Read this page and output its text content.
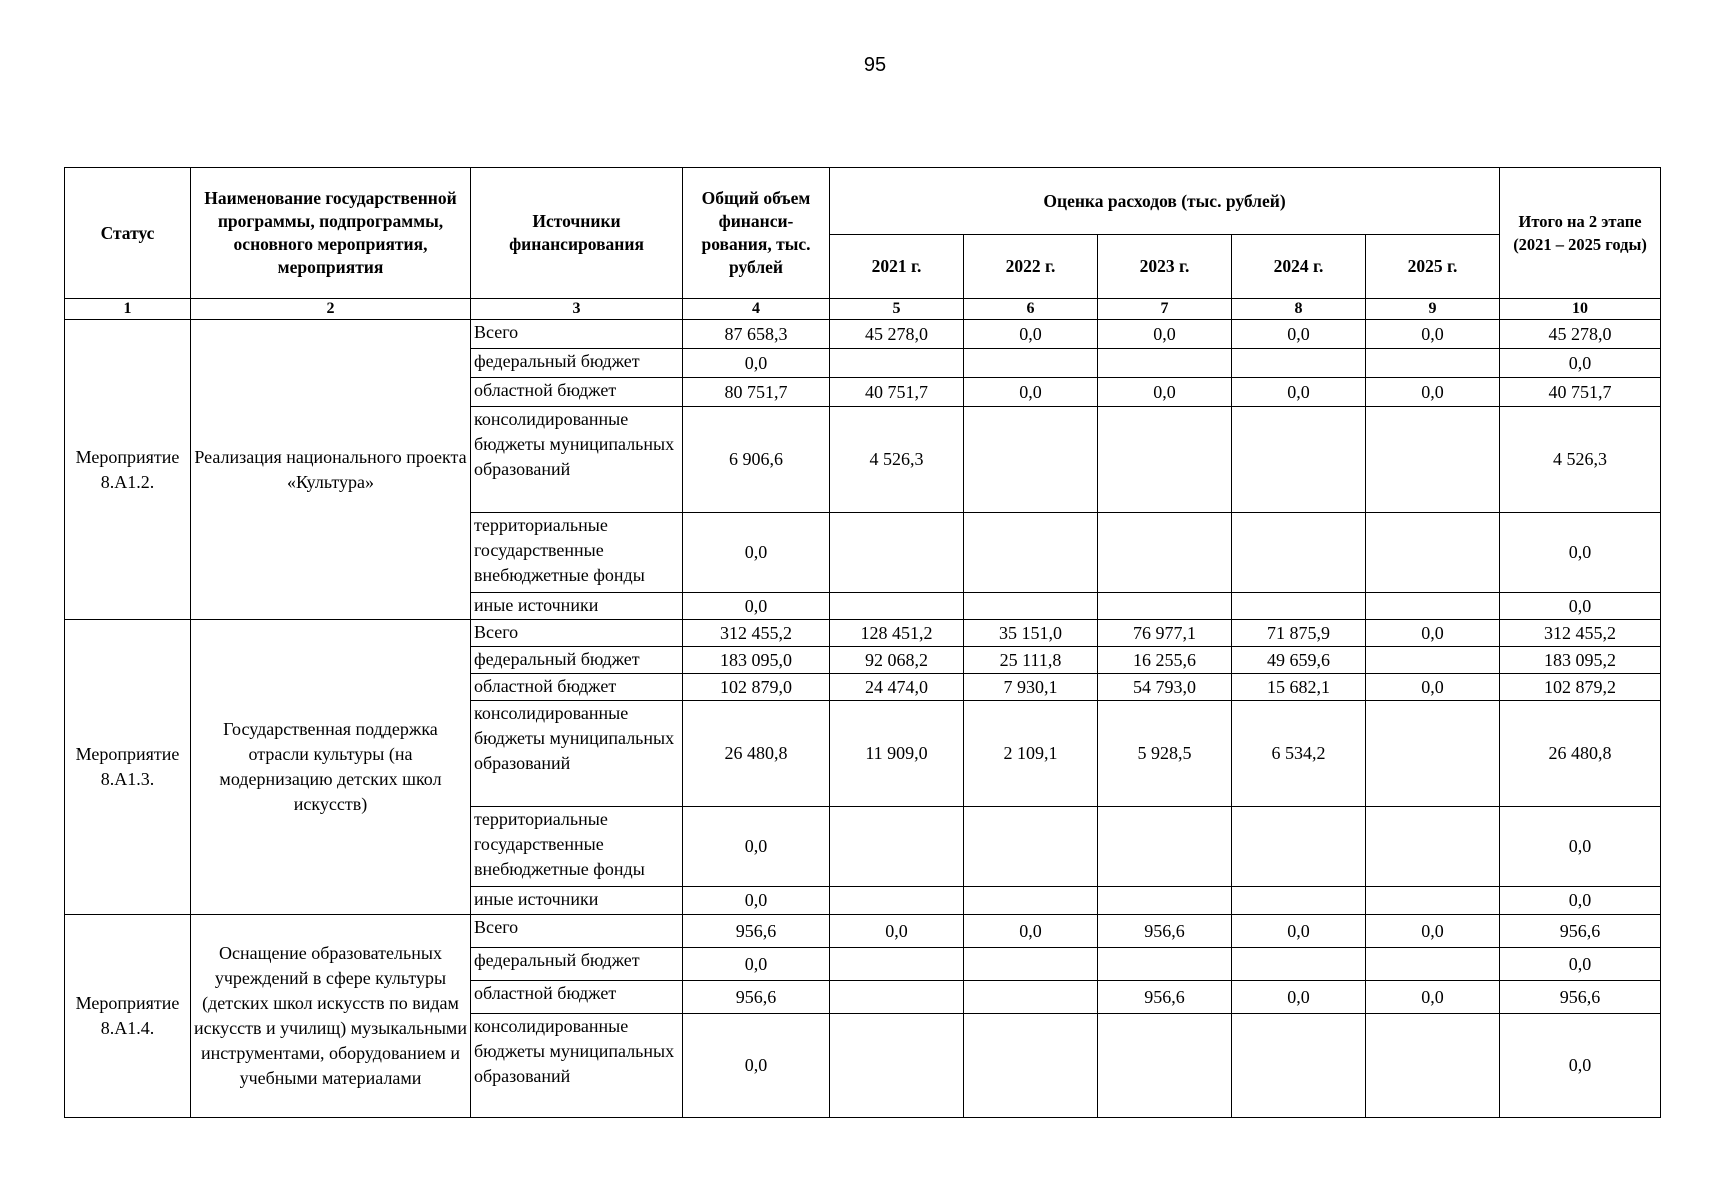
95
Статус	Наименование государственной программы, подпрограммы, основного мероприятия, мероприятия	Источники финансирования	Общий объем финанси-рования, тыс. рублей	Оценка расходов (тыс. рублей)					Итого на 2 этапе (2021 – 2025 годы)
				2021 г.	2022 г.	2023 г.	2024 г.	2025 г.	
1	2	3	4	5	6	7	8	9	10
Мероприятие 8.А1.2.	Реализация национального проекта «Культура»	Всего	87 658,3	45 278,0	0,0	0,0	0,0	0,0	45 278,0
		федеральный бюджет	0,0						0,0
		областной бюджет	80 751,7	40 751,7	0,0	0,0	0,0	0,0	40 751,7
		консолидированные бюджеты муниципальных образований	6 906,6	4 526,3					4 526,3
		территориальные государственные внебюджетные фонды	0,0						0,0
		иные источники	0,0						0,0
Мероприятие 8.А1.3.	Государственная поддержка отрасли культуры (на модернизацию детских школ искусств)	Всего	312 455,2	128 451,2	35 151,0	76 977,1	71 875,9	0,0	312 455,2
		федеральный бюджет	183 095,0	92 068,2	25 111,8	16 255,6	49 659,6		183 095,2
		областной бюджет	102 879,0	24 474,0	7 930,1	54 793,0	15 682,1	0,0	102 879,2
		консолидированные бюджеты муниципальных образований	26 480,8	11 909,0	2 109,1	5 928,5	6 534,2		26 480,8
		территориальные государственные внебюджетные фонды	0,0						0,0
		иные источники	0,0						0,0
Мероприятие 8.А1.4.	Оснащение образовательных учреждений в сфере культуры (детских школ искусств по видам искусств и училищ) музыкальными инструментами, оборудованием и учебными материалами	Всего	956,6	0,0	0,0	956,6	0,0	0,0	956,6
		федеральный бюджет	0,0						0,0
		областной бюджет	956,6			956,6	0,0	0,0	956,6
		консолидированные бюджеты муниципальных образований	0,0						0,0
